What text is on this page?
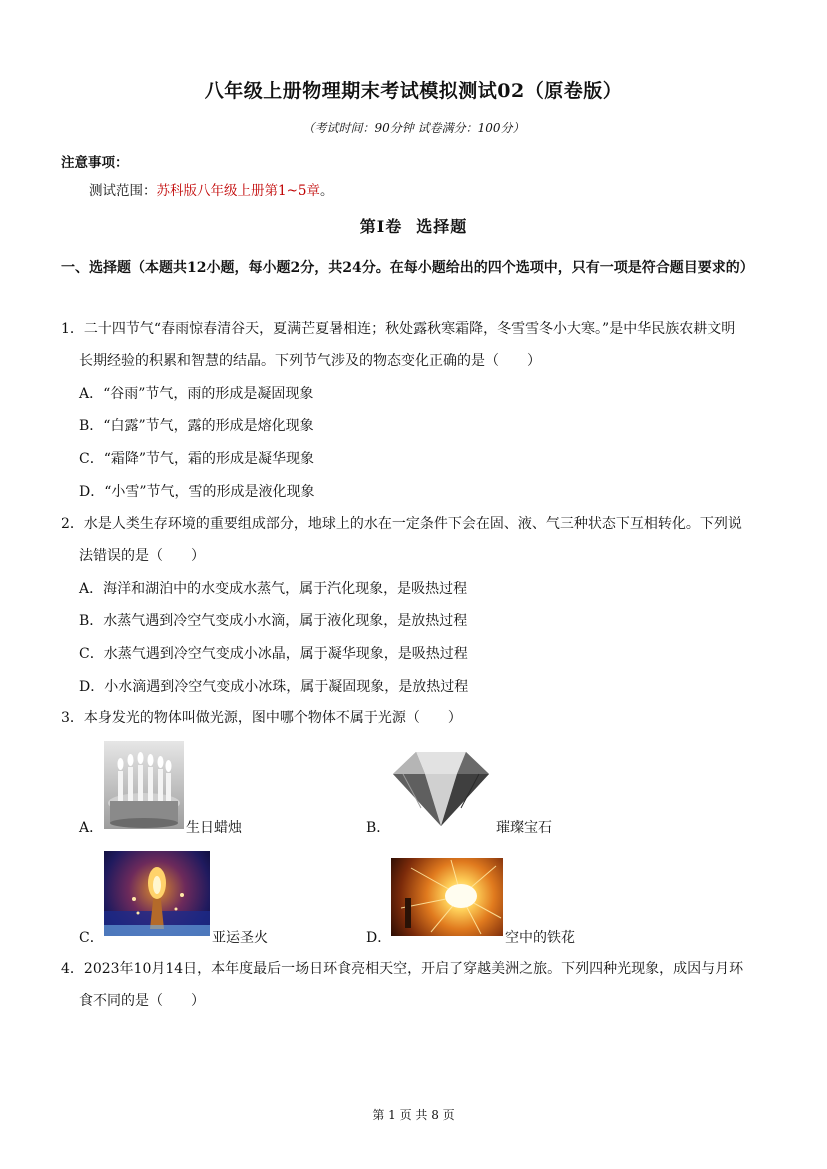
八年级上册物理期末考试模拟测试02（原卷版）
（考试时间：90分钟 试卷满分：100分）
注意事项：
测试范围：苏科版八年级上册第1~5章。
第Ⅰ卷 选择题
一、选择题（本题共12小题，每小题2分，共24分。在每小题给出的四个选项中，只有一项是符合题目要求的）
1．二十四节气“春雨惊春清谷天，夏满芒夏暑相连；秋处露秋寒霜降，冬雪雪冬小大寒。”是中华民族农耕文明
长期经验的积累和智慧的结晶。下列节气涉及的物态变化正确的是（　　）
A．“谷雨”节气，雨的形成是凝固现象
B．“白露”节气，露的形成是熔化现象
C．“霜降”节气，霜的形成是凝华现象
D．“小雪”节气，雪的形成是液化现象
2．水是人类生存环境的重要组成部分，地球上的水在一定条件下会在固、液、气三种状态下互相转化。下列说
法错误的是（　　）
A．海洋和湖泊中的水变成水蒸气，属于汽化现象，是吸热过程
B．水蒸气遇到冷空气变成小水滴，属于液化现象，是放热过程
C．水蒸气遇到冷空气变成小冰晶，属于凝华现象，是吸热过程
D．小水滴遇到冷空气变成小冰珠，属于凝固现象，是放热过程
3．本身发光的物体叫做光源，图中哪个物体不属于光源（　　）
A．	生日蜡烛	B．	璀璨宝石
C．	亚运圣火	D．	空中的铁花
4．2023年10月14日，本年度最后一场日环食亮相天空，开启了穿越美洲之旅。下列四种光现象，成因与月环
食不同的是（　　）
第 1 页 共 8 页
